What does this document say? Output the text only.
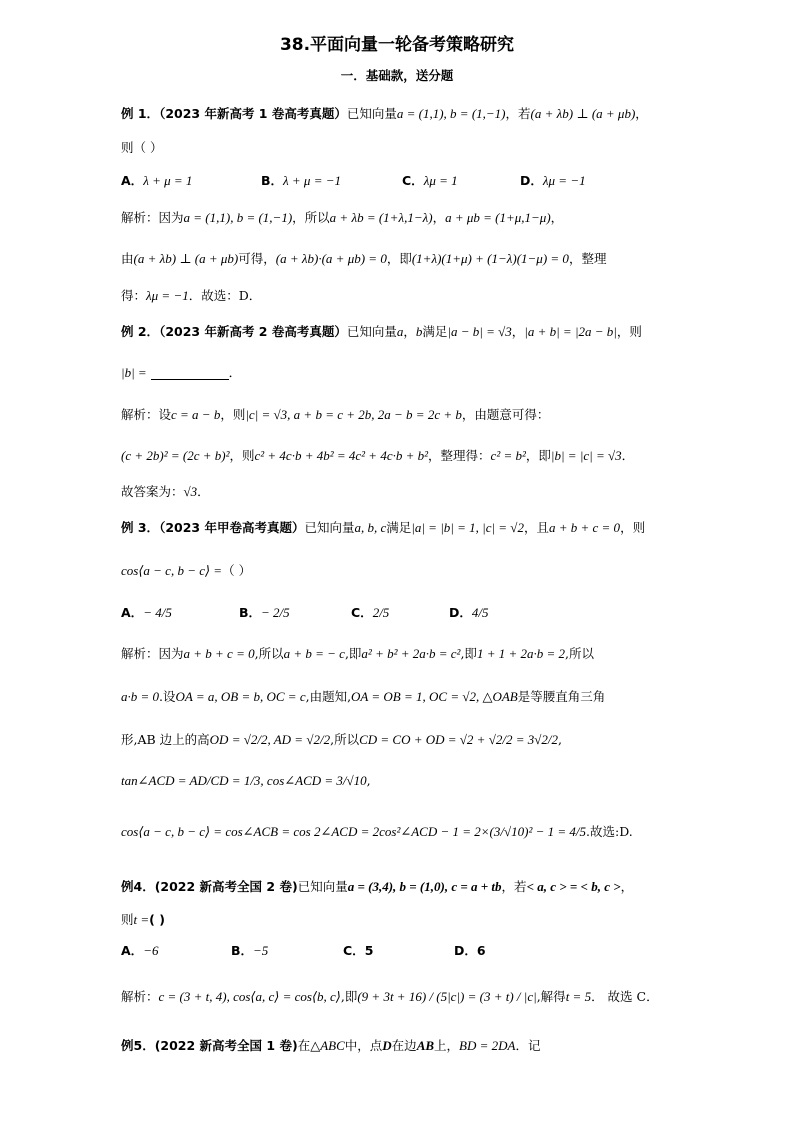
38.平面向量一轮备考策略研究
一．基础款，送分题
例 1．（2023 年新高考 1 卷高考真题）已知向量a = (1,1), b = (1,−1)，若(a + λb) ⊥ (a + μb)，
则（ ）
A．λ + μ = 1	B．λ + μ = −1	C．λμ = 1	D．λμ = −1
解析：因为a = (1,1), b = (1,−1)，所以a + λb = (1+λ,1−λ)，a + μb = (1+μ,1−μ)，
由(a + λb) ⊥ (a + μb)可得，(a + λb)·(a + μb) = 0，即(1+λ)(1+μ) + (1−λ)(1−μ) = 0，整理
得：λμ = −1．故选：D．
例 2．（2023 年新高考 2 卷高考真题）已知向量a，b满足|a − b| = √3，|a + b| = |2a − b|，则
|b| =	．
解析：设c = a − b，则|c| = √3, a + b = c + 2b, 2a − b = 2c + b，由题意可得：
(c + 2b)² = (2c + b)²，则c² + 4c·b + 4b² = 4c² + 4c·b + b²，整理得：c² = b²，即|b| = |c| = √3．
故答案为：√3．
例 3．（2023 年甲卷高考真题）已知向量a, b, c满足|a| = |b| = 1, |c| = √2，且a + b + c = 0，则
cos⟨a − c, b − c⟩ =（ ）
A．− 4/5	B．− 2/5	C．2/5	D．4/5
解析：因为a + b + c = 0,所以a + b = − c,即a² + b² + 2a·b = c²,即1 + 1 + 2a·b = 2,所以
a·b = 0.设OA = a, OB = b, OC = c,由题知,OA = OB = 1, OC = √2, △OAB是等腰直角三角
形,AB 边上的高OD = √2/2, AD = √2/2,所以CD = CO + OD = √2 + √2/2 = 3√2/2,
tan∠ACD = AD/CD = 1/3, cos∠ACD = 3/√10,
cos⟨a − c, b − c⟩ = cos∠ACB = cos 2∠ACD = 2cos²∠ACD − 1 = 2×(3/√10)² − 1 = 4/5.故选:D.
例4．(2022 新高考全国 2 卷)已知向量a = (3,4), b = (1,0), c = a + tb，若< a, c > = < b, c >，
则t =( )
A．−6	B．−5	C．5	D．6
解析：c = (3 + t, 4), cos⟨a, c⟩ = cos⟨b, c⟩,即(9 + 3t + 16) / (5|c|) = (3 + t) / |c|,解得t = 5． 故选 C．
例5．(2022 新高考全国 1 卷)在△ABC中，点D在边AB上，BD = 2DA．记
